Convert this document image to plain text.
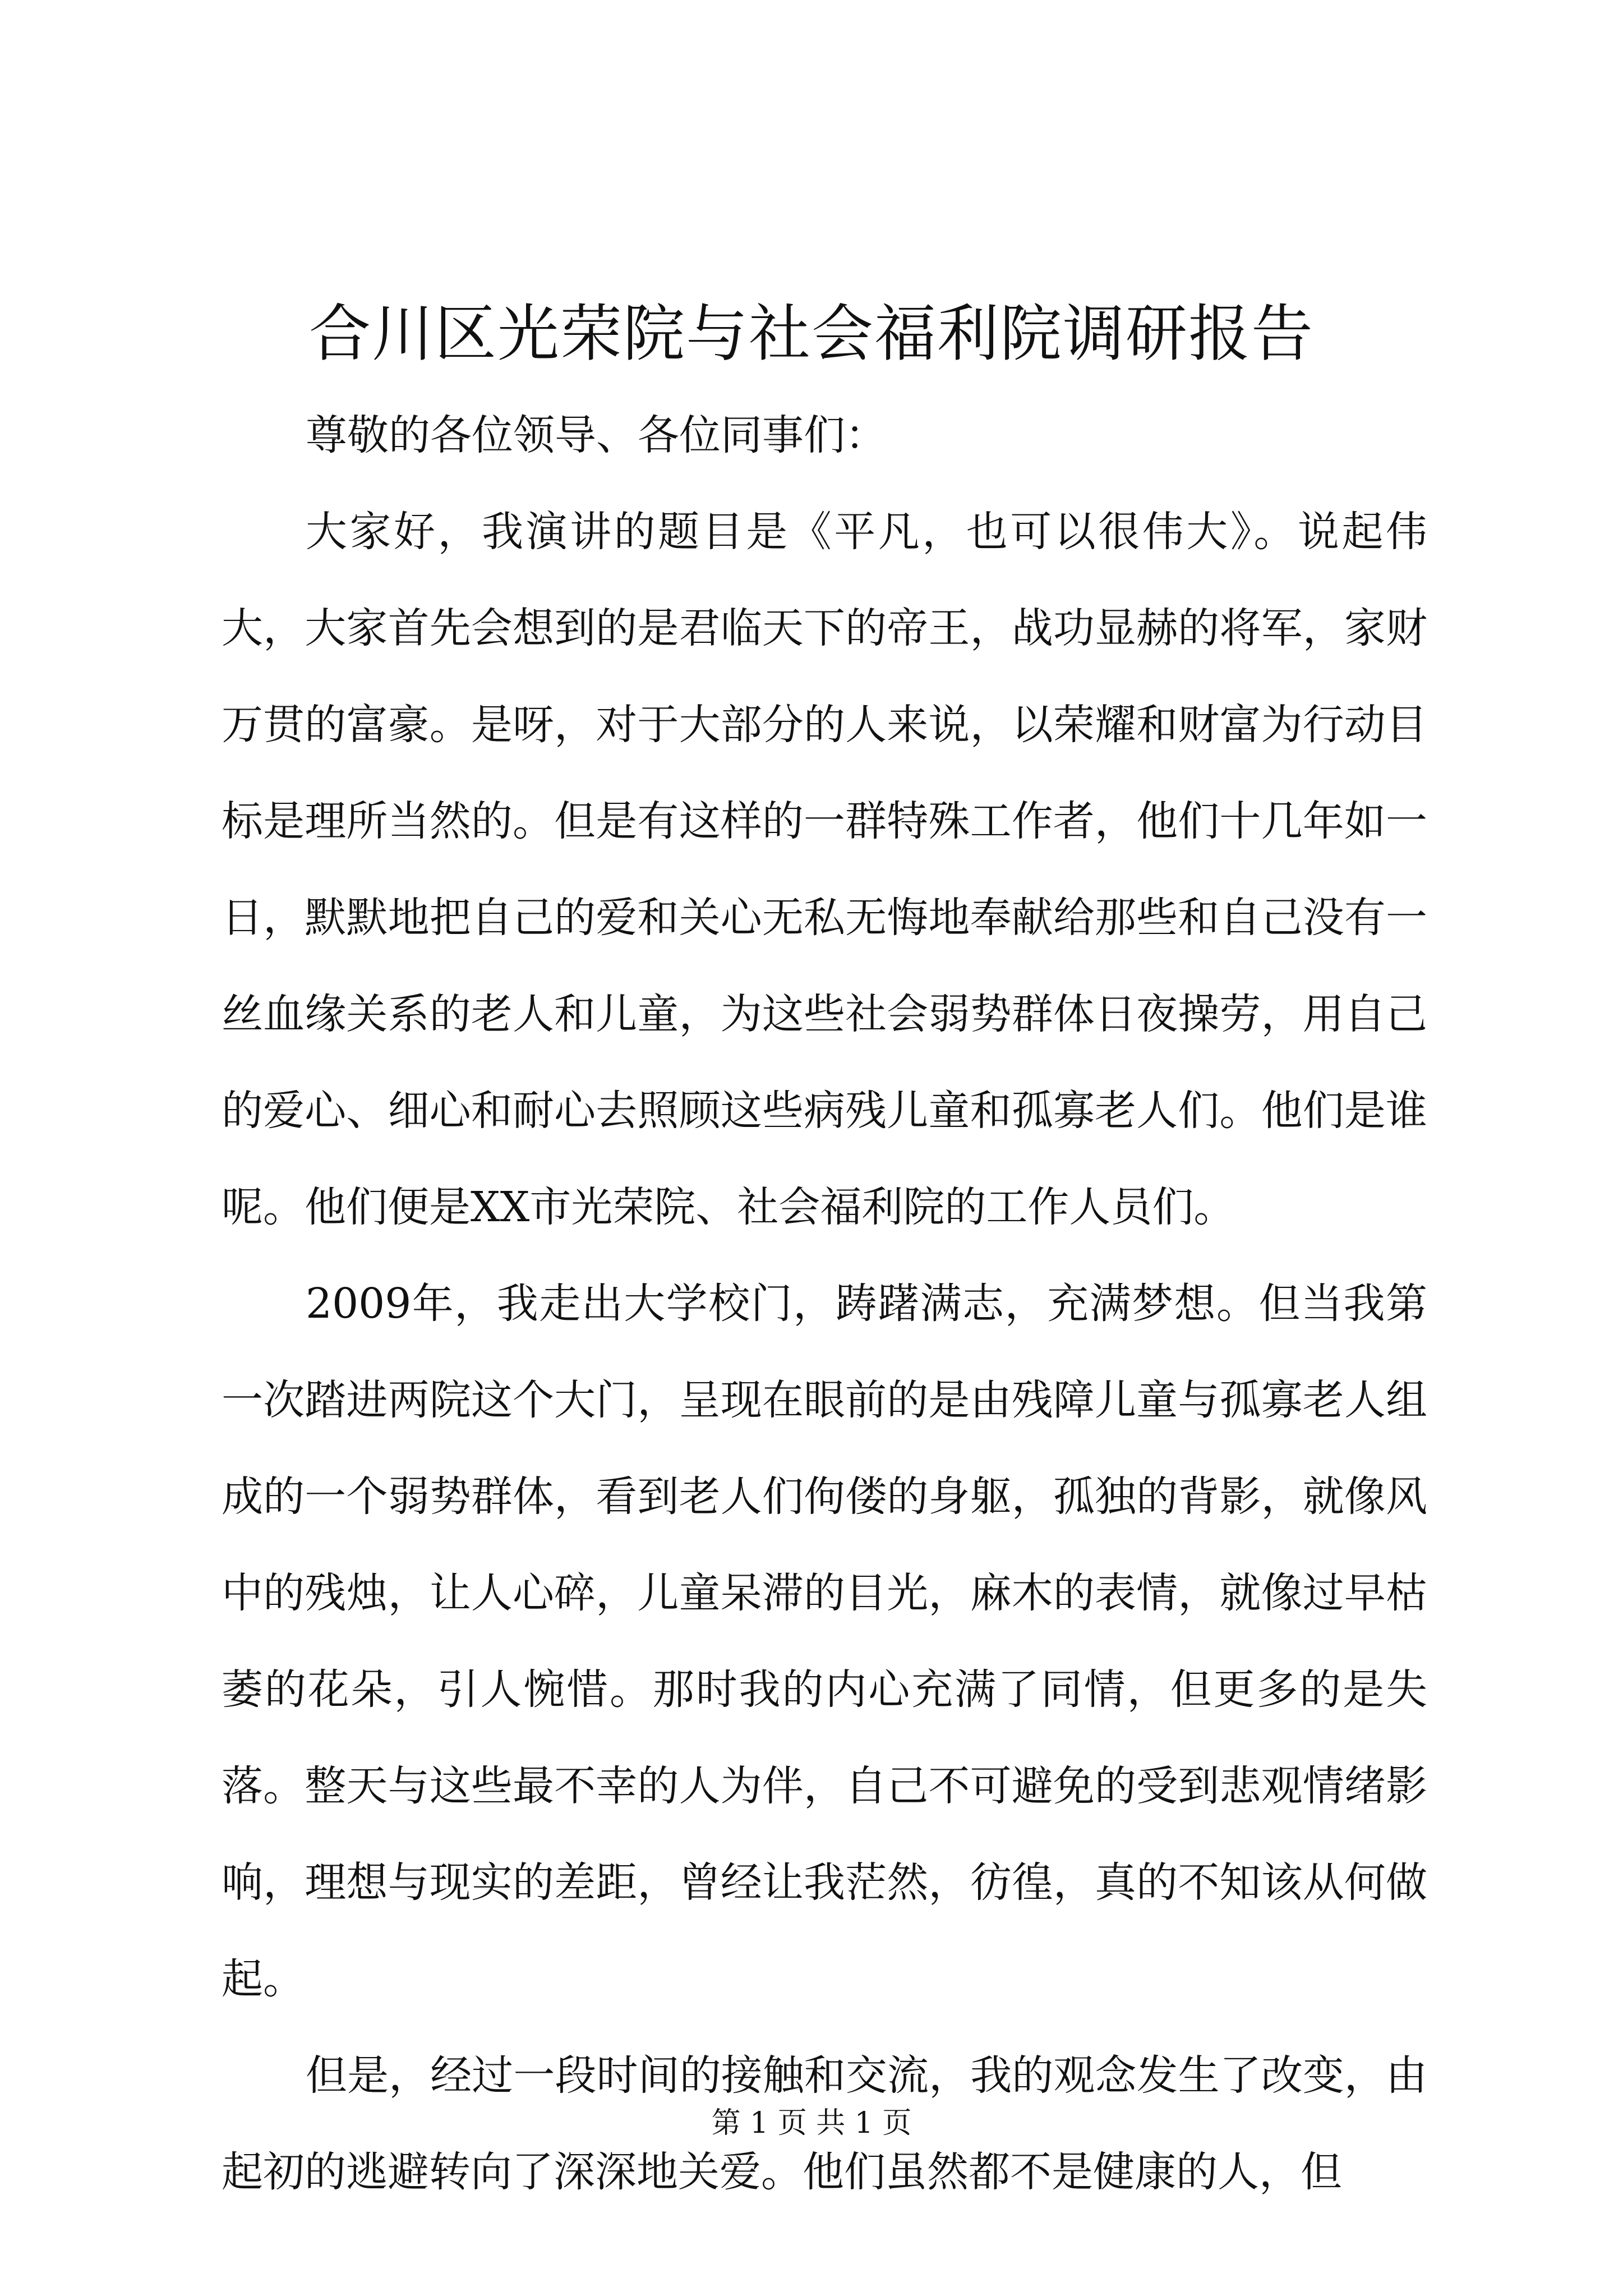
合川区光荣院与社会福利院调研报告

尊敬的各位领导、各位同事们：

大家好，我演讲的题目是《平凡，也可以很伟大》。说起伟大，大家首先会想到的是君临天下的帝王，战功显赫的将军，家财万贯的富豪。是呀，对于大部分的人来说，以荣耀和财富为行动目标是理所当然的。但是有这样的一群特殊工作者，他们十几年如一日，默默地把自己的爱和关心无私无悔地奉献给那些和自己没有一丝血缘关系的老人和儿童，为这些社会弱势群体日夜操劳，用自己的爱心、细心和耐心去照顾这些病残儿童和孤寡老人们。他们是谁呢。他们便是XX市光荣院、社会福利院的工作人员们。

2009年，我走出大学校门，踌躇满志，充满梦想。但当我第一次踏进两院这个大门，呈现在眼前的是由残障儿童与孤寡老人组成的一个弱势群体，看到老人们佝偻的身躯，孤独的背影，就像风中的残烛，让人心碎，儿童呆滞的目光，麻木的表情，就像过早枯萎的花朵，引人惋惜。那时我的内心充满了同情，但更多的是失落。整天与这些最不幸的人为伴，自己不可避免的受到悲观情绪影响，理想与现实的差距，曾经让我茫然，彷徨，真的不知该从何做起。

但是，经过一段时间的接触和交流，我的观念发生了改变，由起初的逃避转向了深深地关爱。他们虽然都不是健康的人，但

第 1 页 共 1 页
